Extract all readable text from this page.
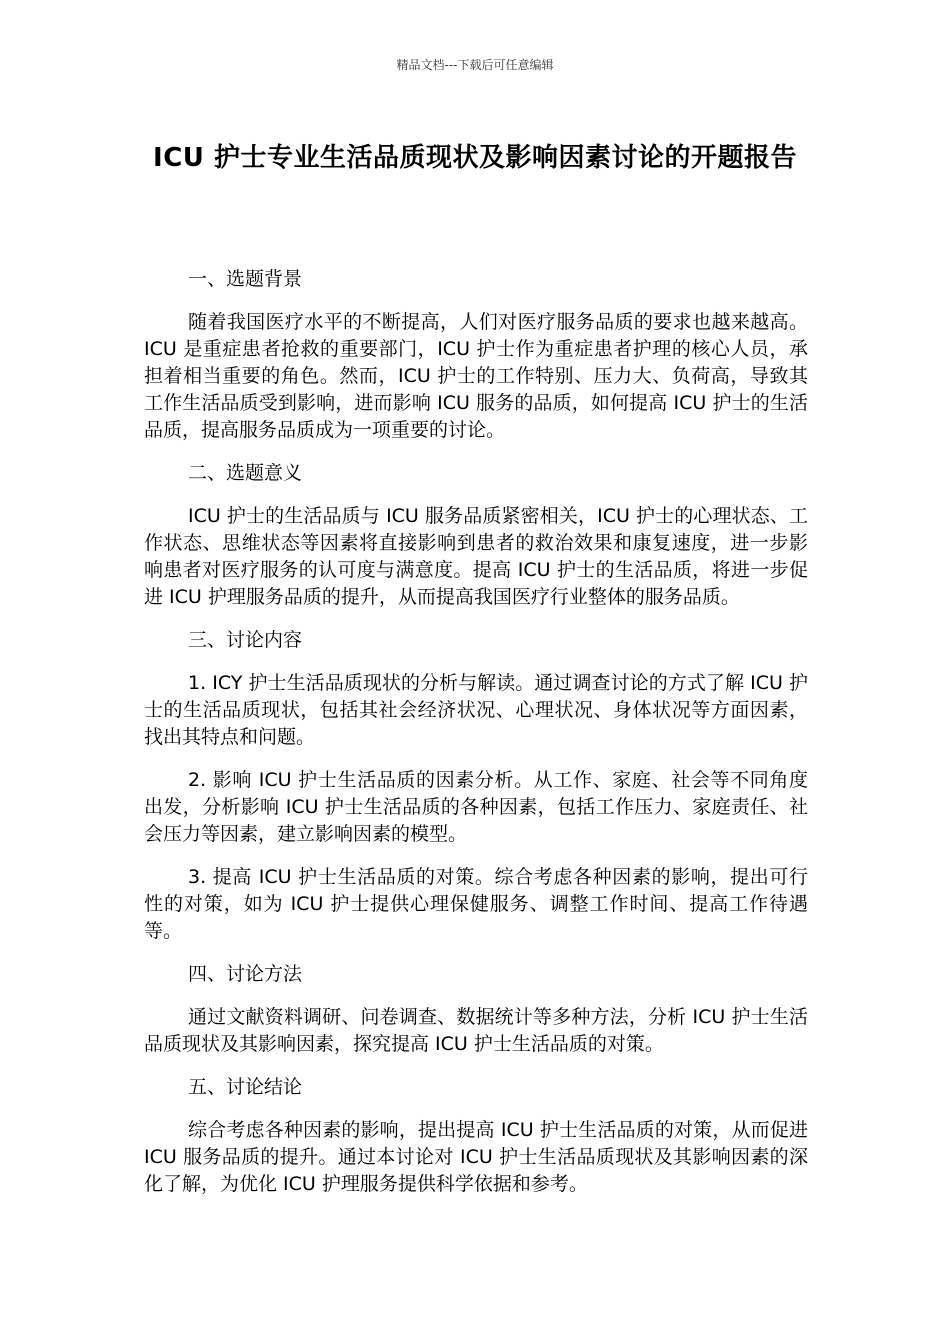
精品文档---下载后可任意编辑
ICU 护士专业生活品质现状及影响因素讨论的开题报告
一、选题背景
随着我国医疗水平的不断提高，人们对医疗服务品质的要求也越来越高。ICU 是重症患者抢救的重要部门，ICU 护士作为重症患者护理的核心人员，承担着相当重要的角色。然而，ICU 护士的工作特别、压力大、负荷高，导致其工作生活品质受到影响，进而影响 ICU 服务的品质，如何提高 ICU 护士的生活品质，提高服务品质成为一项重要的讨论。
二、选题意义
ICU 护士的生活品质与 ICU 服务品质紧密相关，ICU 护士的心理状态、工作状态、思维状态等因素将直接影响到患者的救治效果和康复速度，进一步影响患者对医疗服务的认可度与满意度。提高 ICU 护士的生活品质，将进一步促进 ICU 护理服务品质的提升，从而提高我国医疗行业整体的服务品质。
三、讨论内容
1. ICY 护士生活品质现状的分析与解读。通过调查讨论的方式了解 ICU 护士的生活品质现状，包括其社会经济状况、心理状况、身体状况等方面因素，找出其特点和问题。
2. 影响 ICU 护士生活品质的因素分析。从工作、家庭、社会等不同角度出发，分析影响 ICU 护士生活品质的各种因素，包括工作压力、家庭责任、社会压力等因素，建立影响因素的模型。
3. 提高 ICU 护士生活品质的对策。综合考虑各种因素的影响，提出可行性的对策，如为 ICU 护士提供心理保健服务、调整工作时间、提高工作待遇等。
四、讨论方法
通过文献资料调研、问卷调查、数据统计等多种方法，分析 ICU 护士生活品质现状及其影响因素，探究提高 ICU 护士生活品质的对策。
五、讨论结论
综合考虑各种因素的影响，提出提高 ICU 护士生活品质的对策，从而促进 ICU 服务品质的提升。通过本讨论对 ICU 护士生活品质现状及其影响因素的深化了解，为优化 ICU 护理服务提供科学依据和参考。
